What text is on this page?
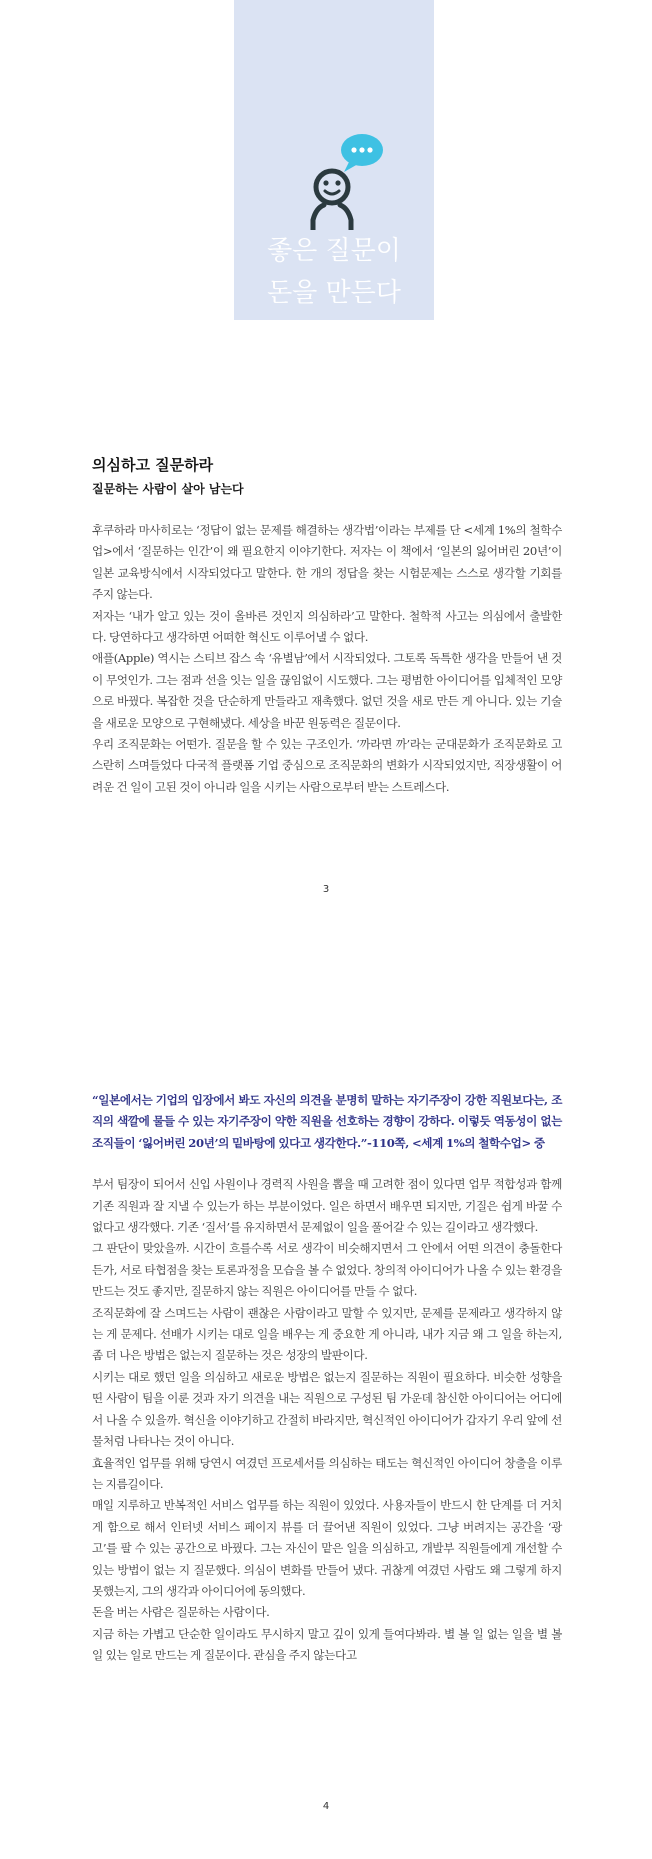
좋은 질문이
돈을 만든다
의심하고 질문하라
질문하는 사람이 살아 남는다

후쿠하라 마사히로는 ‘정답이 없는 문제를 해결하는 생각법’이라는 부제를 단 <세계 1%의 철학수업>에서 ‘질문하는 인간’이 왜 필요한지 이야기한다. 저자는 이 책에서 ‘일본의 잃어버린 20년’이 일본 교육방식에서 시작되었다고 말한다. 한 개의 정답을 찾는 시험문제는 스스로 생각할 기회를 주지 않는다.

저자는 ‘내가 알고 있는 것이 올바른 것인지 의심하라’고 말한다. 철학적 사고는 의심에서 출발한다. 당연하다고 생각하면 어떠한 혁신도 이루어낼 수 없다.

애플(Apple) 역시는 스티브 잡스 속 ‘유별남’에서 시작되었다. 그토록 독특한 생각을 만들어 낸 것이 무엇인가. 그는 점과 선을 잇는 일을 끊임없이 시도했다. 그는 평범한 아이디어를 입체적인 모양으로 바꿨다. 복잡한 것을 단순하게 만들라고 재촉했다. 없던 것을 새로 만든 게 아니다. 있는 기술을 새로운 모양으로 구현해냈다. 세상을 바꾼 원동력은 질문이다.

우리 조직문화는 어떤가. 질문을 할 수 있는 구조인가. ‘까라면 까’라는 군대문화가 조직문화로 고스란히 스며들었다 다국적 플랫폼 기업 중심으로 조직문화의 변화가 시작되었지만, 직장생활이 어려운 건 일이 고된 것이 아니라 일을 시키는 사람으로부터 받는 스트레스다.

3

“일본에서는 기업의 입장에서 봐도 자신의 의견을 분명히 말하는 자기주장이 강한 직원보다는, 조직의 색깔에 물들 수 있는 자기주장이 약한 직원을 선호하는 경향이 강하다. 이렇듯 역동성이 없는 조직들이 ‘잃어버린 20년’의 밑바탕에 있다고 생각한다.”-110쪽, <세계 1%의 철학수업> 중

부서 팀장이 되어서 신입 사원이나 경력직 사원을 뽑을 때 고려한 점이 있다면 업무 적합성과 함께 기존 직원과 잘 지낼 수 있는가 하는 부분이었다. 일은 하면서 배우면 되지만, 기질은 쉽게 바꿀 수 없다고 생각했다. 기존 ‘질서’를 유지하면서 문제없이 일을 풀어갈 수 있는 길이라고 생각했다.

그 판단이 맞았을까. 시간이 흐를수록 서로 생각이 비슷해지면서 그 안에서 어떤 의견이 충돌한다든가, 서로 타협점을 찾는 토론과정을 모습을 볼 수 없었다. 창의적 아이디어가 나올 수 있는 환경을 만드는 것도 좋지만, 질문하지 않는 직원은 아이디어를 만들 수 없다.

조직문화에 잘 스며드는 사람이 괜찮은 사람이라고 말할 수 있지만, 문제를 문제라고 생각하지 않는 게 문제다. 선배가 시키는 대로 일을 배우는 게 중요한 게 아니라, 내가 지금 왜 그 일을 하는지, 좀 더 나은 방법은 없는지 질문하는 것은 성장의 발판이다.

시키는 대로 했던 일을 의심하고 새로운 방법은 없는지 질문하는 직원이 필요하다. 비슷한 성향을 띤 사람이 팀을 이룬 것과 자기 의견을 내는 직원으로 구성된 팀 가운데 참신한 아이디어는 어디에서 나올 수 있을까. 혁신을 이야기하고 간절히 바라지만, 혁신적인 아이디어가 갑자기 우리 앞에 선물처럼 나타나는 것이 아니다.

효율적인 업무를 위해 당연시 여겼던 프로세서를 의심하는 태도는 혁신적인 아이디어 창출을 이루는 지름길이다.

매일 지루하고 반복적인 서비스 업무를 하는 직원이 있었다. 사용자들이 반드시 한 단계를 더 거치게 함으로 해서 인터넷 서비스 페이지 뷰를 더 끌어낸 직원이 있었다. 그냥 버려지는 공간을 ‘광고’를 팔 수 있는 공간으로 바꿨다. 그는 자신이 맡은 일을 의심하고, 개발부 직원들에게 개선할 수 있는 방법이 없는 지 질문했다. 의심이 변화를 만들어 냈다. 귀찮게 여겼던 사람도 왜 그렇게 하지 못했는지, 그의 생각과 아이디어에 동의했다.

돈을 버는 사람은 질문하는 사람이다.

지금 하는 가볍고 단순한 일이라도 무시하지 말고 깊이 있게 들여다봐라. 별 볼 일 없는 일을 별 볼 일 있는 일로 만드는 게 질문이다. 관심을 주지 않는다고

4
